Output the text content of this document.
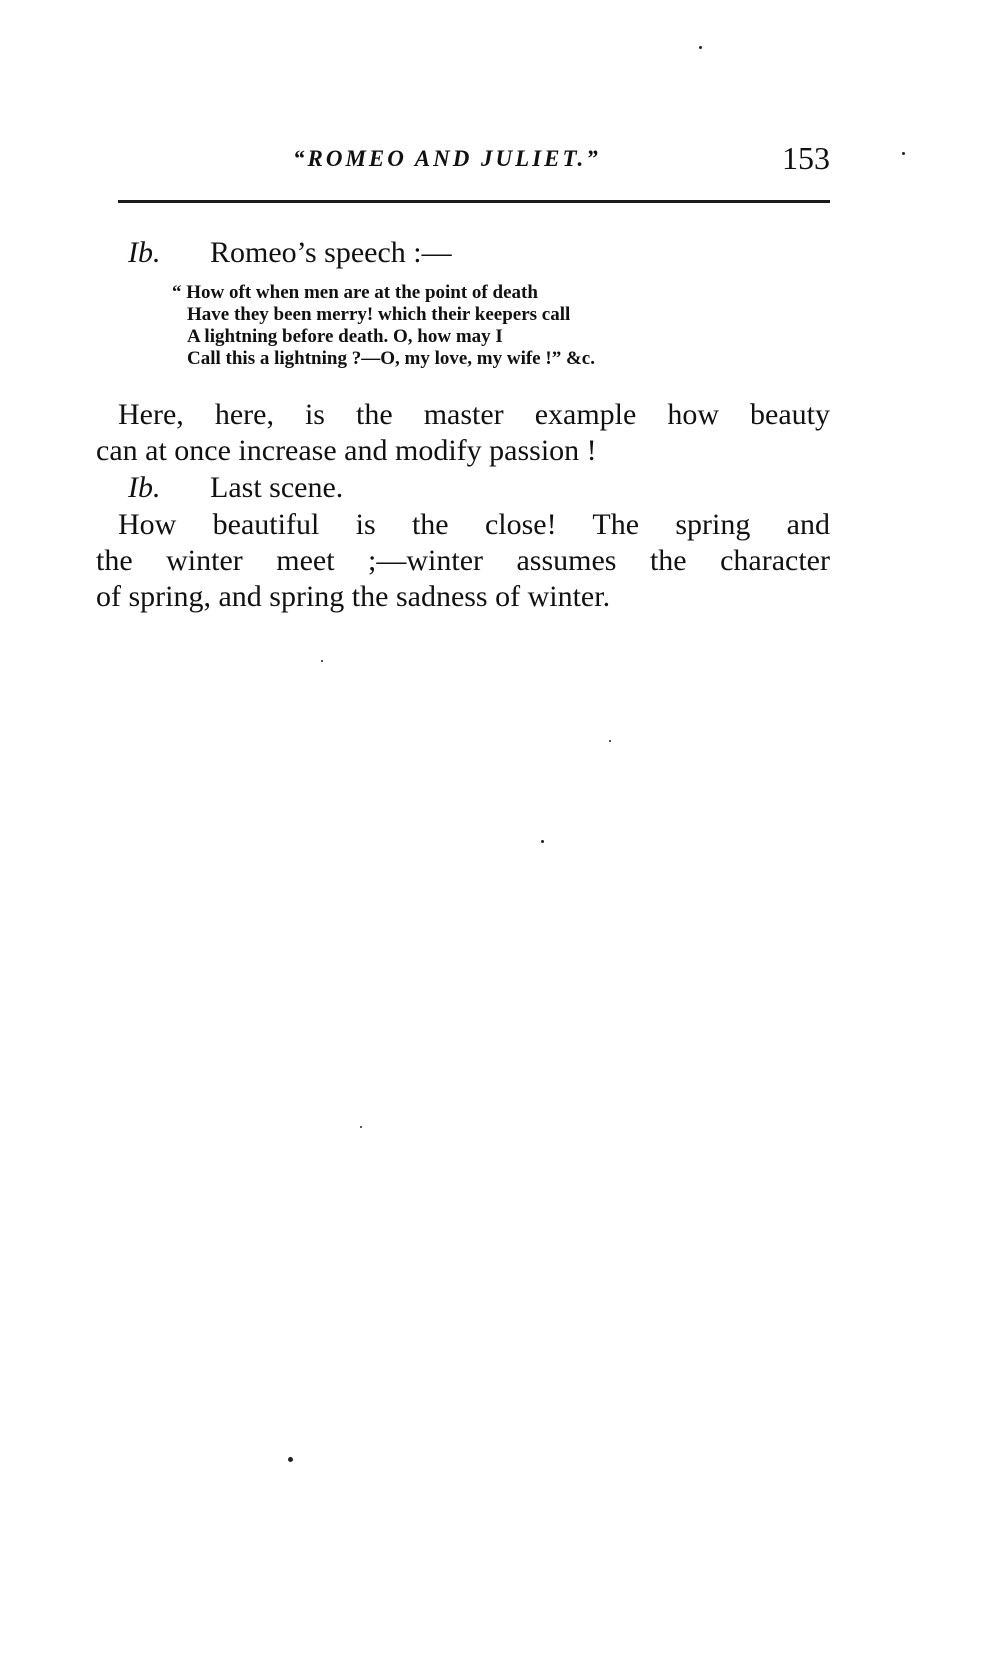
“ROMEO AND JULIET.”	153
Ib. Romeo’s speech :—
“ How oft when men are at the point of death
Have they been merry! which their keepers call
A lightning before death. O, how may I
Call this a lightning ?—O, my love, my wife !” &c.
Here, here, is the master example how beauty
can at once increase and modify passion !
Ib. Last scene.
How beautiful is the close! The spring and
the winter meet ;—winter assumes the character
of spring, and spring the sadness of winter.
